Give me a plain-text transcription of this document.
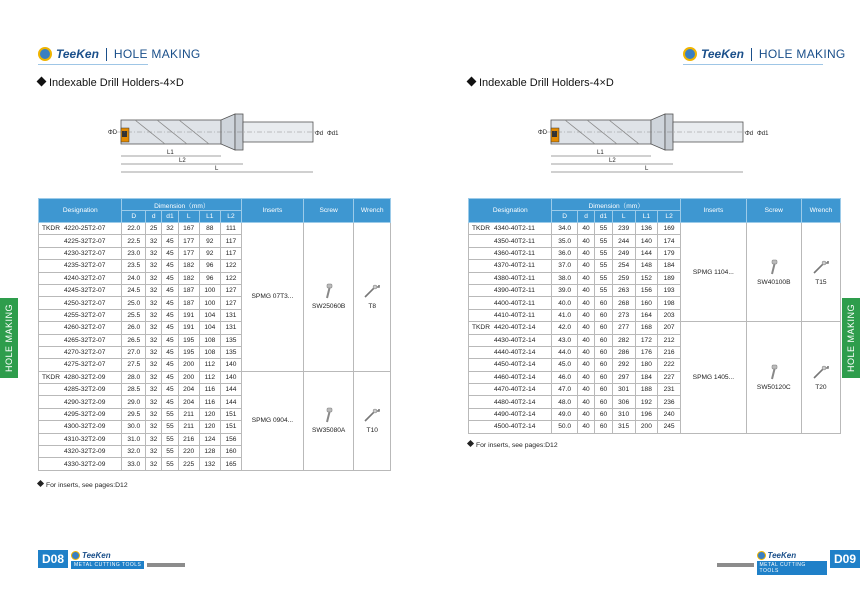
TeeKen HOLE MAKING
Indexable Drill Holders-4×D
ΦD	Φd Φd1
L1
L2
L
Designation		Dimension（mm）						Inserts	Screw	Wrench
		D	d	d1	L	L1	L2			
TKDR	4220-25T2-07	22.0	25	32	167	88	111	SPMG 07T3...	SW25060B	T8
	4225-32T2-07	22.5	32	45	177	92	117			
	4230-32T2-07	23.0	32	45	177	92	117			
	4235-32T2-07	23.5	32	45	182	96	122			
	4240-32T2-07	24.0	32	45	182	96	122			
	4245-32T2-07	24.5	32	45	187	100	127			
	4250-32T2-07	25.0	32	45	187	100	127			
	4255-32T2-07	25.5	32	45	191	104	131			
	4260-32T2-07	26.0	32	45	191	104	131			
	4265-32T2-07	26.5	32	45	195	108	135			
	4270-32T2-07	27.0	32	45	195	108	135			
	4275-32T2-07	27.5	32	45	200	112	140			
TKDR	4280-32T2-09	28.0	32	45	200	112	140	SPMG 0904...	SW35080A	T10
	4285-32T2-09	28.5	32	45	204	116	144			
	4290-32T2-09	29.0	32	45	204	116	144			
	4295-32T2-09	29.5	32	55	211	120	151			
	4300-32T2-09	30.0	32	55	211	120	151			
	4310-32T2-09	31.0	32	55	216	124	156			
	4320-32T2-09	32.0	32	55	220	128	160			
	4330-32T2-09	33.0	32	55	225	132	165			
For inserts, see pages:D12
HOLE MAKING
D08	TeeKen
METAL CUTTING TOOLS
TeeKen HOLE MAKING
Indexable Drill Holders-4×D
ΦD	Φd Φd1
L1
L2
L
Designation		Dimension（mm）						Inserts	Screw	Wrench
		D	d	d1	L	L1	L2			
TKDR	4340-40T2-11	34.0	40	55	239	136	169	SPMG 1104...	SW40100B	T15
	4350-40T2-11	35.0	40	55	244	140	174			
	4360-40T2-11	36.0	40	55	249	144	179			
	4370-40T2-11	37.0	40	55	254	148	184			
	4380-40T2-11	38.0	40	55	259	152	189			
	4390-40T2-11	39.0	40	55	263	156	193			
	4400-40T2-11	40.0	40	60	268	160	198			
	4410-40T2-11	41.0	40	60	273	164	203			
TKDR	4420-40T2-14	42.0	40	60	277	168	207	SPMG 1405...	SW50120C	T20
	4430-40T2-14	43.0	40	60	282	172	212			
	4440-40T2-14	44.0	40	60	286	176	216			
	4450-40T2-14	45.0	40	60	292	180	222			
	4460-40T2-14	46.0	40	60	297	184	227			
	4470-40T2-14	47.0	40	60	301	188	231			
	4480-40T2-14	48.0	40	60	306	192	236			
	4490-40T2-14	49.0	40	60	310	196	240			
	4500-40T2-14	50.0	40	60	315	200	245			
For inserts, see pages:D12
HOLE MAKING
TeeKen
METAL CUTTING TOOLS
D09
